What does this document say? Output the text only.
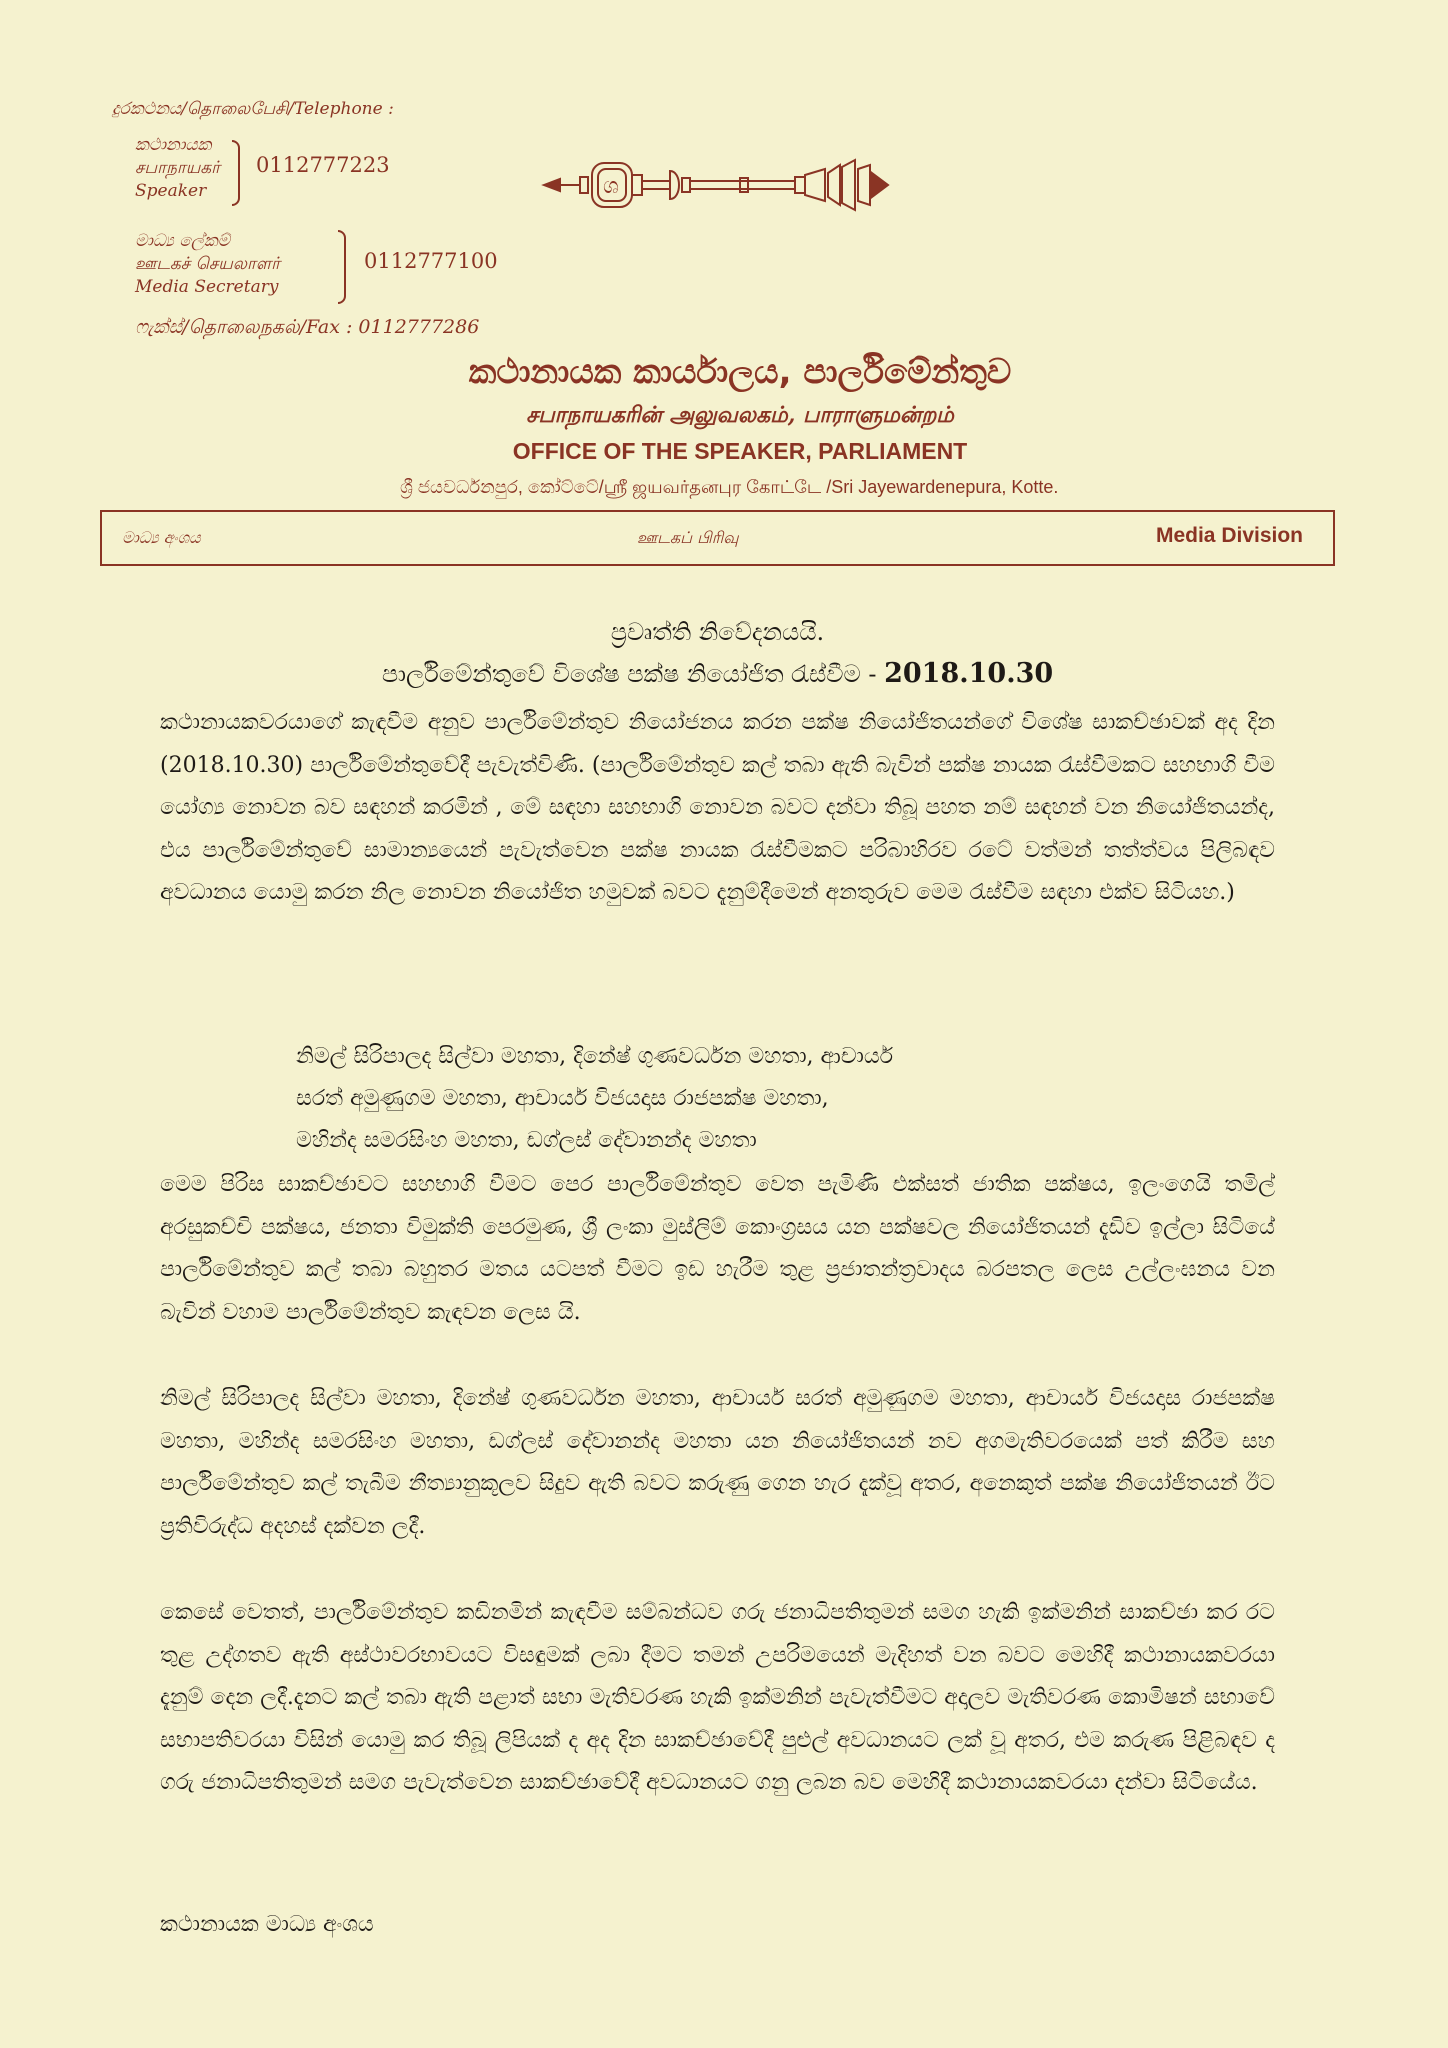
දුරකථනය/தொலைபேசி/Telephone :
කථානායක
சபாநாயகர்
Speaker
0112777223
මාධ්‍ය ලේකම්
ஊடகச் செயலாளர்
Media Secretary
0112777100
ෆැක්ස්/தொலைநகல்/Fax : 0112777286
ශ
කථානායක කාර්යාලය, පාර්ලිමේන්තුව
சபாநாயகரின் அலுவலகம், பாராளுமன்றம்
OFFICE OF THE SPEAKER, PARLIAMENT
ශ්‍රී ජයවර්ධනපුර, කෝට්ටේ/ஸ்ரீ ஜயவர்தனபுர கோட்டே /Sri Jayewardenepura, Kotte.
මාධ්‍ය අංශය	ஊடகப் பிரிவு	Media Division
ප්‍රවෘත්ති නිවේදනයයි.
පාර්ලිමේන්තුවේ විශේෂ පක්ෂ නියෝජිත රැස්වීම - 2018.10.30
කථානායකවරයාගේ කැඳවීම අනුව පාර්ලිමේන්තුව නියෝජනය කරන පක්ෂ නියෝජිතයන්ගේ විශේෂ සාකච්ඡාවක් අද දින (2018.10.30) පාර්ලිමේන්තුවේදී පැවැත්විණි. (පාර්ලිමේන්තුව කල් තබා ඇති බැවින් පක්ෂ නායක රැස්වීමකට සහභාගි වීම යෝග්‍ය නොවන බව සඳහන් කරමින් , මේ සඳහා සහභාගි නොවන බවට දන්වා තිබූ පහත නම් සඳහන් වන නියෝජිතයන්ද, එය පාර්ලිමේන්තුවේ සාමාන්‍යයෙන් පැවැත්වෙන පක්ෂ නායක රැස්වීමකට පරිබාහිරව රටේ වත්මන් තත්ත්වය පිලිබඳව අවධානය යොමු කරන නිල නොවන නියෝජිත හමුවක් බවට දැනුම්දීමෙන් අනතුරුව මෙම රැස්වීම සඳහා එක්ව සිටියහ.)
නිමල් සිරිපාලද සිල්වා මහතා, දිනේෂ් ගුණවර්ධන මහතා, ආචාර්ය
සරත් අමුණුගම මහතා, ආචාර්ය විජයදාස රාජපක්ෂ මහතා,
මහින්ද සමරසිංහ මහතා, ඩග්ලස් දේවානන්ද මහතා
මෙම පිරිස සාකච්ඡාවට සහභාගි වීමට පෙර පාර්ලිමේන්තුව වෙත පැමිණි එක්සත් ජාතික පක්ෂය, ඉලංගෙයි තමිල් අරසුකච්චි පක්ෂය, ජනතා විමුක්ති පෙරමුණ, ශ්‍රී ලංකා මුස්ලිම් කොංග්‍රසය යන පක්ෂවල නියෝජිතයන් දැඩිව ඉල්ලා සිටියේ පාර්ලිමේන්තුව කල් තබා බහුතර මතය යටපත් වීමට ඉඩ හැරීම තුළ ප්‍රජාතන්ත්‍රවාදය බරපතල ලෙස උල්ලංඝනය වන බැවින් වහාම පාර්ලිමේන්තුව කැඳවන ලෙස යි.
නිමල් සිරිපාලද සිල්වා මහතා, දිනේෂ් ගුණවර්ධන මහතා, ආචාර්ය සරත් අමුණුගම මහතා, ආචාර්ය විජයදාස රාජපක්ෂ මහතා, මහින්ද සමරසිංහ මහතා, ඩග්ලස් දේවානන්ද මහතා යන නියෝජිතයන් නව අගමැතිවරයෙක් පත් කිරීම සහ පාර්ලිමේන්තුව කල් තැබීම නීත්‍යානුකූලව සිදුව ඇති බවට කරුණු ගෙන හැර දැක්වූ අතර, අනෙකුත් පක්ෂ නියෝජිතයන් ඊට ප්‍රතිවිරුද්ධ අදහස් දක්වන ලදී.
කෙසේ වෙතත්, පාර්ලිමේන්තුව කඩිනමින් කැඳවීම සම්බන්ධව ගරු ජනාධිපතිතුමන් සමග හැකි ඉක්මනින් සාකච්ඡා කර රට තුළ උද්ගතව ඇති අස්ථාවරභාවයට විසඳුමක් ලබා දීමට තමන් උපරිමයෙන් මැදිහත් වන බවට මෙහිදී කථානායකවරයා දැනුම් දෙන ලදී.දැනට කල් තබා ඇති පළාත් සභා මැතිවරණ හැකි ඉක්මනින් පැවැත්වීමට අදාලව මැතිවරණ කොමිෂන් සභාවේ සභාපතිවරයා විසින් යොමු කර තිබූ ලිපියක් ද අද දින සාකච්ඡාවේදී පුළුල් අවධානයට ලක් වූ අතර, එම කරුණ පිළිබඳව ද ගරු ජනාධිපතිතුමන් සමග පැවැත්වෙන සාකච්ඡාවේදී අවධානයට ගනු ලබන බව මෙහිදී කථානායකවරයා දන්වා සිටියේය.
කථානායක මාධ්‍ය අංශය
